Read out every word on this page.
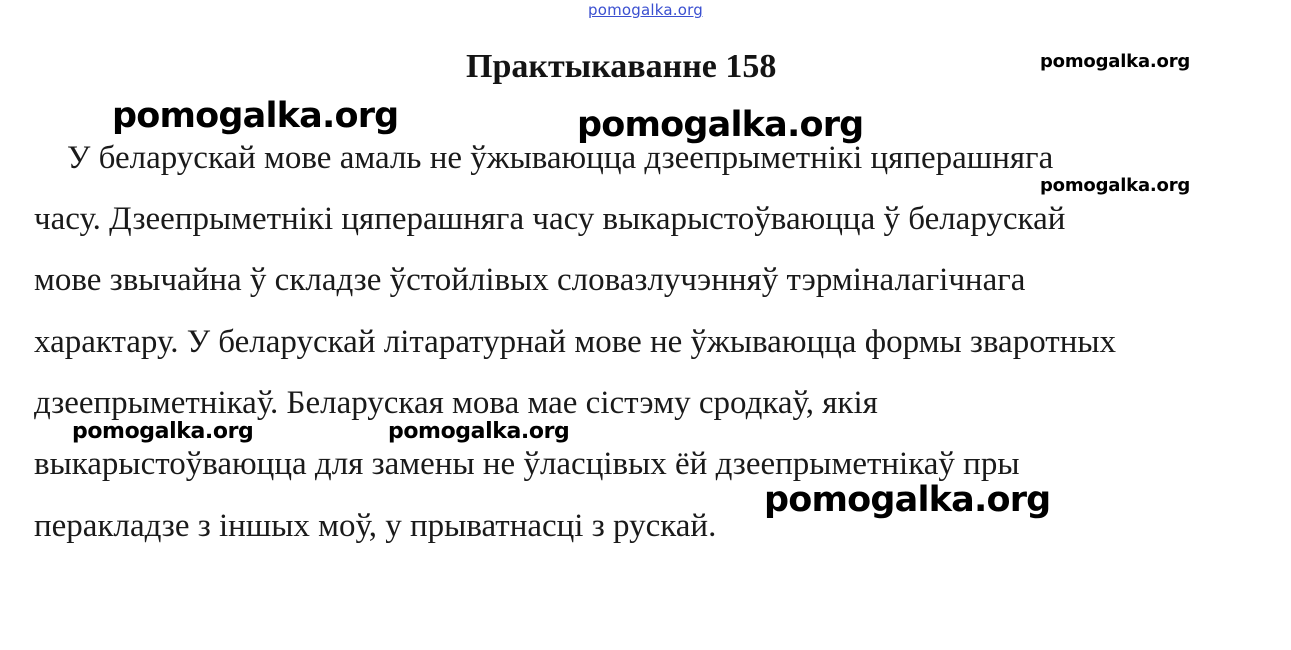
pomogalka.org
Практыкаванне 158
У беларускай мове амаль не ўжываюцца дзеепрыметнікі цяперашняга
часу. Дзеепрыметнікі цяперашняга часу выкарыстоўваюцца ў беларускай
мове звычайна ў складзе ўстойлівых словазлучэнняў тэрміналагічнага
характару. У беларускай літаратурнай мове не ўжываюцца формы зваротных
дзеепрыметнікаў. Беларуская мова мае сістэму сродкаў, якія
выкарыстоўваюцца для замены не ўласцівых ёй дзеепрыметнікаў пры
перакладзе з іншых моў, у прыватнасці з рускай.
pomogalka.org	pomogalka.org
pomogalka.org
pomogalka.org
pomogalka.org	pomogalka.org
pomogalka.org
